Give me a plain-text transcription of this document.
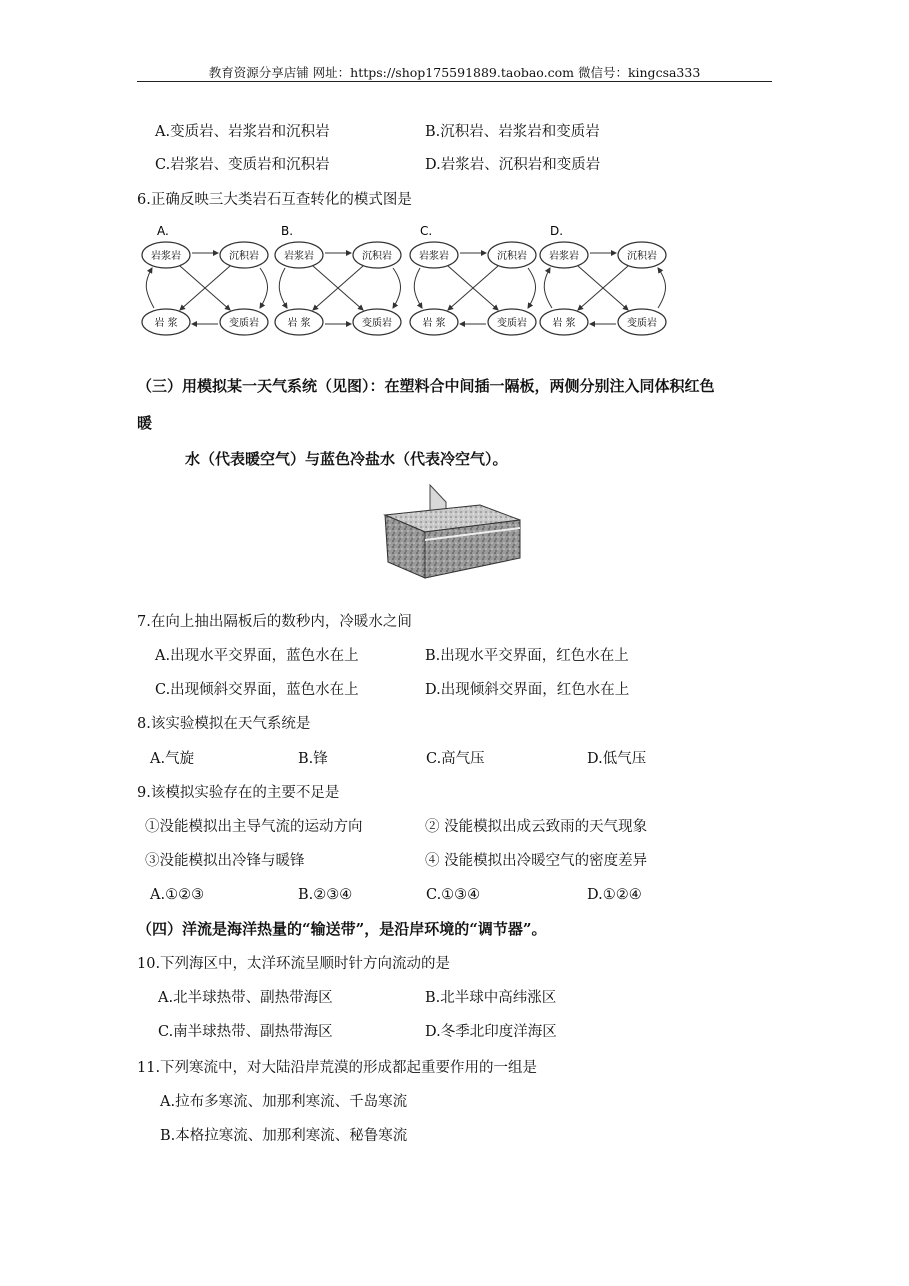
教育资源分享店铺 网址：https://shop175591889.taobao.com 微信号：kingcsa333
A.变质岩、岩浆岩和沉积岩	B.沉积岩、岩浆岩和变质岩
C.岩浆岩、变质岩和沉积岩	D.岩浆岩、沉积岩和变质岩
6.正确反映三大类岩石互查转化的模式图是
A.
岩浆岩	沉积岩
岩 浆	变质岩
B.
岩浆岩	沉积岩
岩 浆	变质岩
C.
岩浆岩	沉积岩
岩 浆	变质岩
D.
岩浆岩	沉积岩
岩 浆	变质岩
（三）用模拟某一天气系统（见图）：在塑料合中间插一隔板，两侧分别注入同体积红色
暖
水（代表暖空气）与蓝色冷盐水（代表冷空气）。
7.在向上抽出隔板后的数秒内，冷暖水之间
A.出现水平交界面，蓝色水在上	B.出现水平交界面，红色水在上
C.出现倾斜交界面，蓝色水在上	D.出现倾斜交界面，红色水在上
8.该实验模拟在天气系统是
A.气旋	B.锋	C.高气压	D.低气压
9.该模拟实验存在的主要不足是
①没能模拟出主导气流的运动方向	② 没能模拟出成云致雨的天气现象
③没能模拟出冷锋与暖锋	④ 没能模拟出冷暖空气的密度差异
A.①②③	B.②③④	C.①③④	D.①②④
（四）洋流是海洋热量的“输送带”，是沿岸环境的“调节器”。
10.下列海区中，太洋环流呈顺时针方向流动的是
A.北半球热带、副热带海区	B.北半球中高纬涨区
C.南半球热带、副热带海区	D.冬季北印度洋海区
11.下列寒流中，对大陆沿岸荒漠的形成都起重要作用的一组是
A.拉布多寒流、加那利寒流、千岛寒流
B.本格拉寒流、加那利寒流、秘鲁寒流
